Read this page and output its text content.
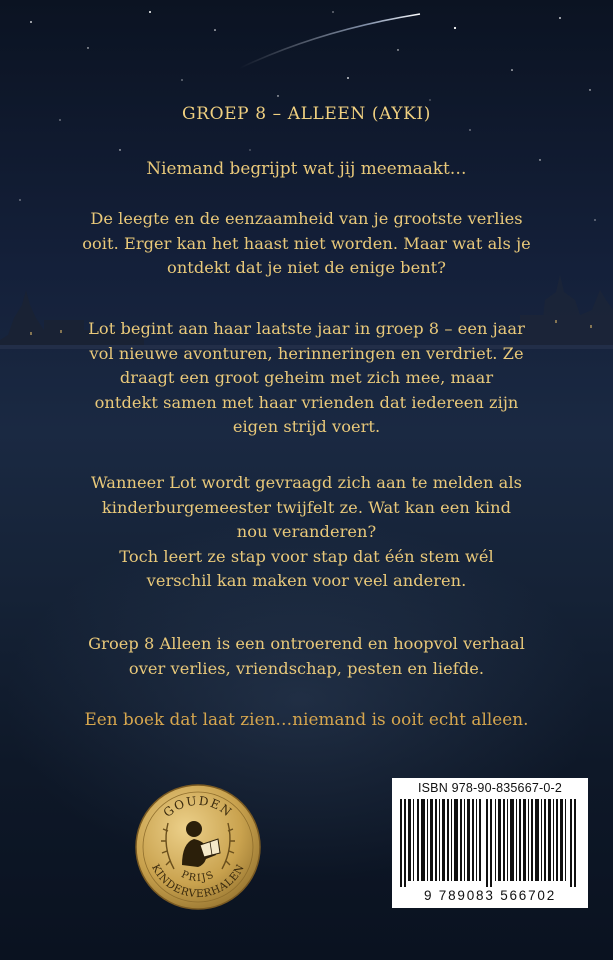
GROEP 8 – ALLEEN (AYKI)
Niemand begrijpt wat jij meemaakt…
De leegte en de eenzaamheid van je grootste verlies
ooit. Erger kan het haast niet worden. Maar wat als je
ontdekt dat je niet de enige bent?
Lot begint aan haar laatste jaar in groep 8 – een jaar
vol nieuwe avonturen, herinneringen en verdriet. Ze
draagt een groot geheim met zich mee, maar
ontdekt samen met haar vrienden dat iedereen zijn
eigen strijd voert.
Wanneer Lot wordt gevraagd zich aan te melden als
kinderburgemeester twijfelt ze. Wat kan een kind
nou veranderen?
Toch leert ze stap voor stap dat één stem wél
verschil kan maken voor veel anderen.
Groep 8 Alleen is een ontroerend en hoopvol verhaal
over verlies, vriendschap, pesten en liefde.
Een boek dat laat zien…niemand is ooit echt alleen.
GOUDEN
KINDERVERHALEN
PRIJS
ISBN 978-90-835667-0-2
9 789083 566702
